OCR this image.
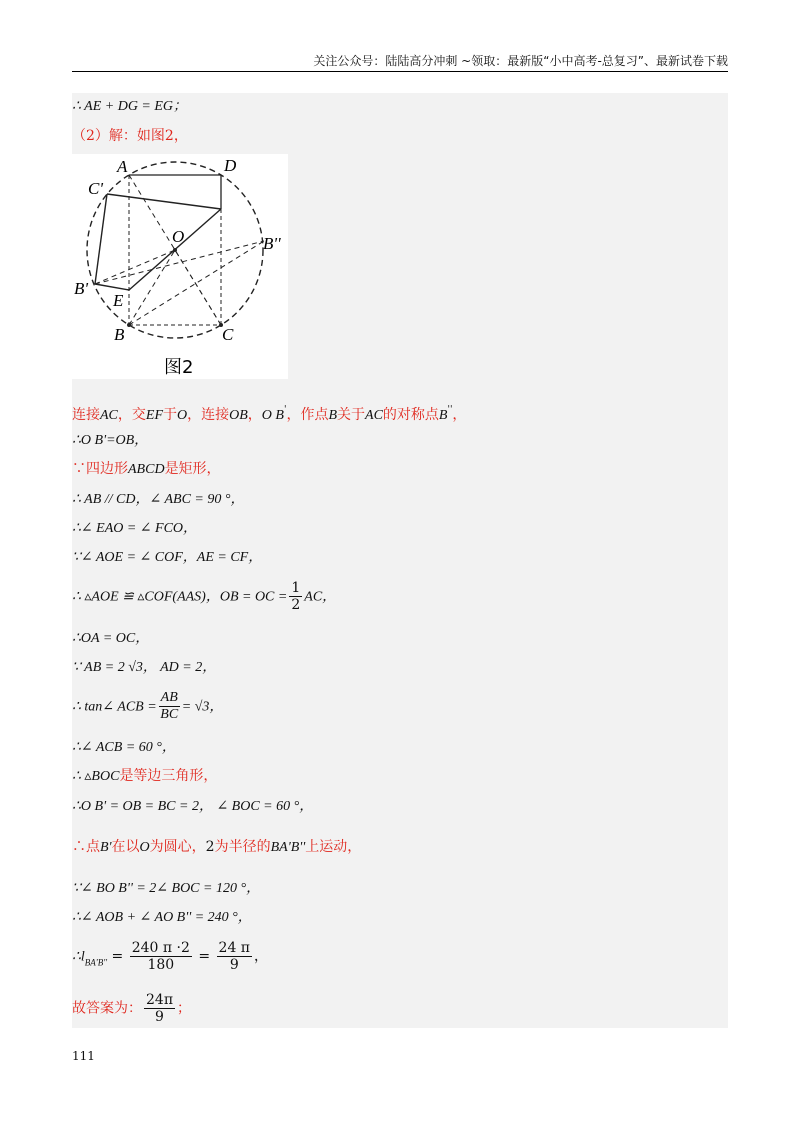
关注公众号：陆陆高分冲刺 ~领取：最新版“小中高考-总复习”、最新试卷下载
∴ AE + DG = EG；
（2）解：如图2，
A	D
C'
O	B''
B'
E
B	C
图2
连接AC，交EF于O，连接OB，O B'，作点B关于AC的对称点B''，
∴O B'=OB，
∵四边形ABCD是矩形，
∴ AB // CD，∠ ABC = 90 °，
∴∠ EAO = ∠ FCO，
∵∠ AOE = ∠ COF，AE = CF，
∴ ▵AOE ≌ ▵COF(AAS)，OB = OC = $\frac{1}{2}$ AC，
∴OA = OC，
∵ AB = 2 √3， AD = 2，
∴ tan∠ ACB = $\frac{AB}{BC} = √3$，
∴∠ ACB = 60 °，
∴ ▵BOC是等边三角形，
∴O B' = OB = BC = 2， ∠ BOC = 60 °，
∴点B'在以O为圆心，2为半径的BA'B''上运动，
∵∠ BO B'' = 2∠ BOC = 120 °，
∴∠ AOB + ∠ AO B'' = 240 °，
$\therefore l_{BA'B''} = \frac{240 \pi \cdot 2}{180} = \frac{24 \pi}{9}$ ，
故答案为： $\frac{24\pi}{9}$ ；
111
